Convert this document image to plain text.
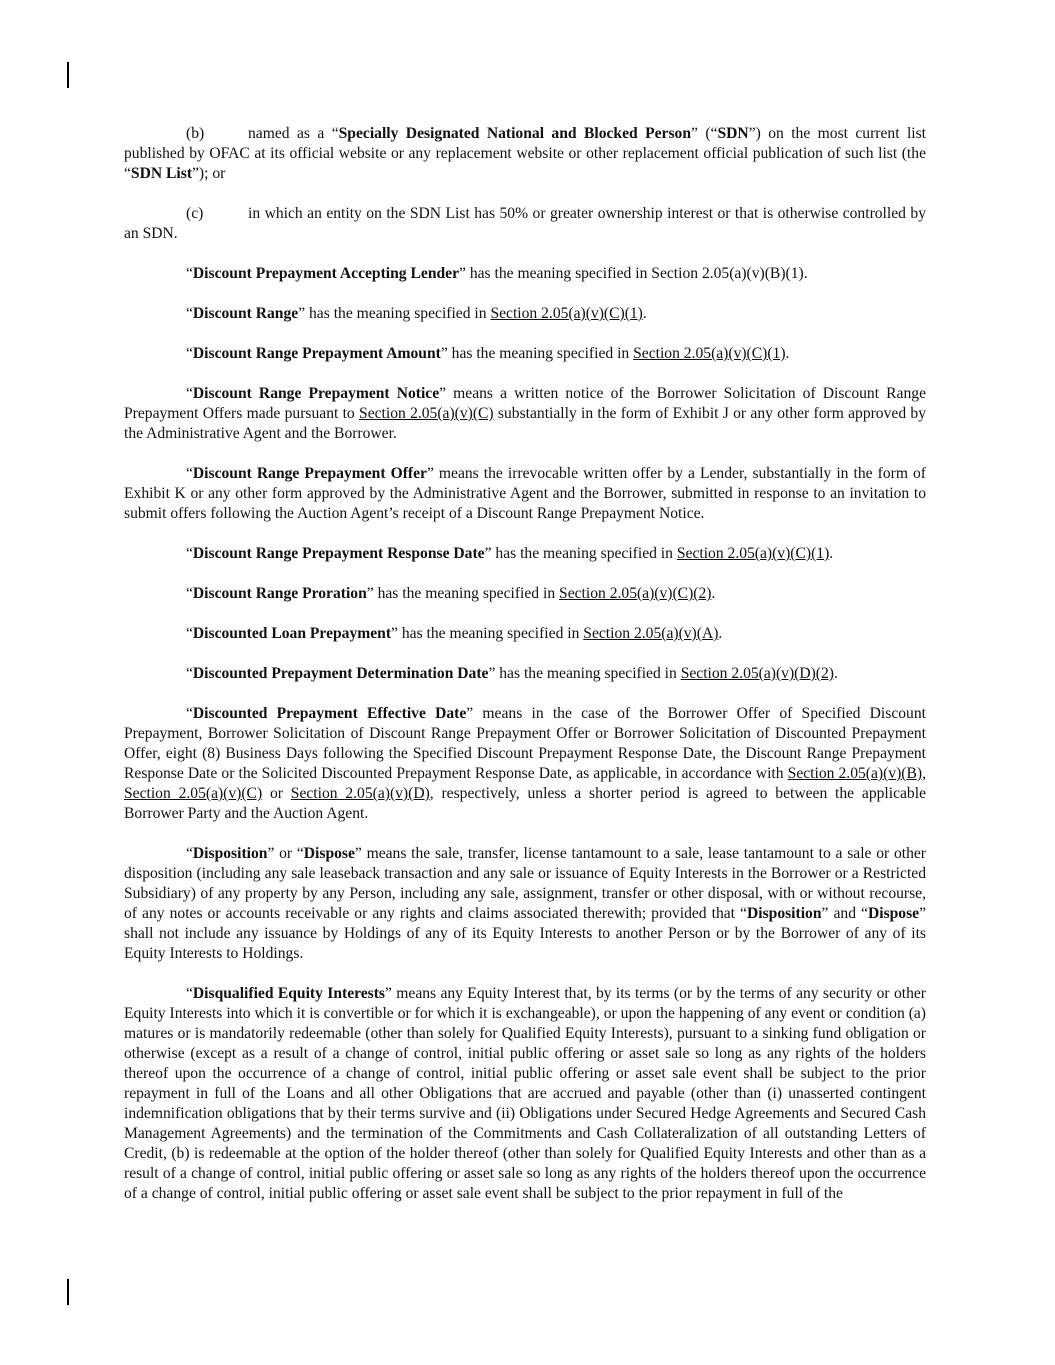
(b)	named as a “Specially Designated National and Blocked Person” (“SDN”) on the most current list published by OFAC at its official website or any replacement website or other replacement official publication of such list (the “SDN List”); or

(c)	in which an entity on the SDN List has 50% or greater ownership interest or that is otherwise controlled by an SDN.

“Discount Prepayment Accepting Lender” has the meaning specified in Section 2.05(a)(v)(B)(1).

“Discount Range” has the meaning specified in Section 2.05(a)(v)(C)(1).

“Discount Range Prepayment Amount” has the meaning specified in Section 2.05(a)(v)(C)(1).

“Discount Range Prepayment Notice” means a written notice of the Borrower Solicitation of Discount Range Prepayment Offers made pursuant to Section 2.05(a)(v)(C) substantially in the form of Exhibit J or any other form approved by the Administrative Agent and the Borrower.

“Discount Range Prepayment Offer” means the irrevocable written offer by a Lender, substantially in the form of Exhibit K or any other form approved by the Administrative Agent and the Borrower, submitted in response to an invitation to submit offers following the Auction Agent’s receipt of a Discount Range Prepayment Notice.

“Discount Range Prepayment Response Date” has the meaning specified in Section 2.05(a)(v)(C)(1).

“Discount Range Proration” has the meaning specified in Section 2.05(a)(v)(C)(2).

“Discounted Loan Prepayment” has the meaning specified in Section 2.05(a)(v)(A).

“Discounted Prepayment Determination Date” has the meaning specified in Section 2.05(a)(v)(D)(2).

“Discounted Prepayment Effective Date” means in the case of the Borrower Offer of Specified Discount Prepayment, Borrower Solicitation of Discount Range Prepayment Offer or Borrower Solicitation of Discounted Prepayment Offer, eight (8) Business Days following the Specified Discount Prepayment Response Date, the Discount Range Prepayment Response Date or the Solicited Discounted Prepayment Response Date, as applicable, in accordance with Section 2.05(a)(v)(B), Section 2.05(a)(v)(C) or Section 2.05(a)(v)(D), respectively, unless a shorter period is agreed to between the applicable Borrower Party and the Auction Agent.

“Disposition” or “Dispose” means the sale, transfer, license tantamount to a sale, lease tantamount to a sale or other disposition (including any sale leaseback transaction and any sale or issuance of Equity Interests in the Borrower or a Restricted Subsidiary) of any property by any Person, including any sale, assignment, transfer or other disposal, with or without recourse, of any notes or accounts receivable or any rights and claims associated therewith; provided that “Disposition” and “Dispose” shall not include any issuance by Holdings of any of its Equity Interests to another Person or by the Borrower of any of its Equity Interests to Holdings.

“Disqualified Equity Interests” means any Equity Interest that, by its terms (or by the terms of any security or other Equity Interests into which it is convertible or for which it is exchangeable), or upon the happening of any event or condition (a) matures or is mandatorily redeemable (other than solely for Qualified Equity Interests), pursuant to a sinking fund obligation or otherwise (except as a result of a change of control, initial public offering or asset sale so long as any rights of the holders thereof upon the occurrence of a change of control, initial public offering or asset sale event shall be subject to the prior repayment in full of the Loans and all other Obligations that are accrued and payable (other than (i) unasserted contingent indemnification obligations that by their terms survive and (ii) Obligations under Secured Hedge Agreements and Secured Cash Management Agreements) and the termination of the Commitments and Cash Collateralization of all outstanding Letters of Credit, (b) is redeemable at the option of the holder thereof (other than solely for Qualified Equity Interests and other than as a result of a change of control, initial public offering or asset sale so long as any rights of the holders thereof upon the occurrence of a change of control, initial public offering or asset sale event shall be subject to the prior repayment in full of the
